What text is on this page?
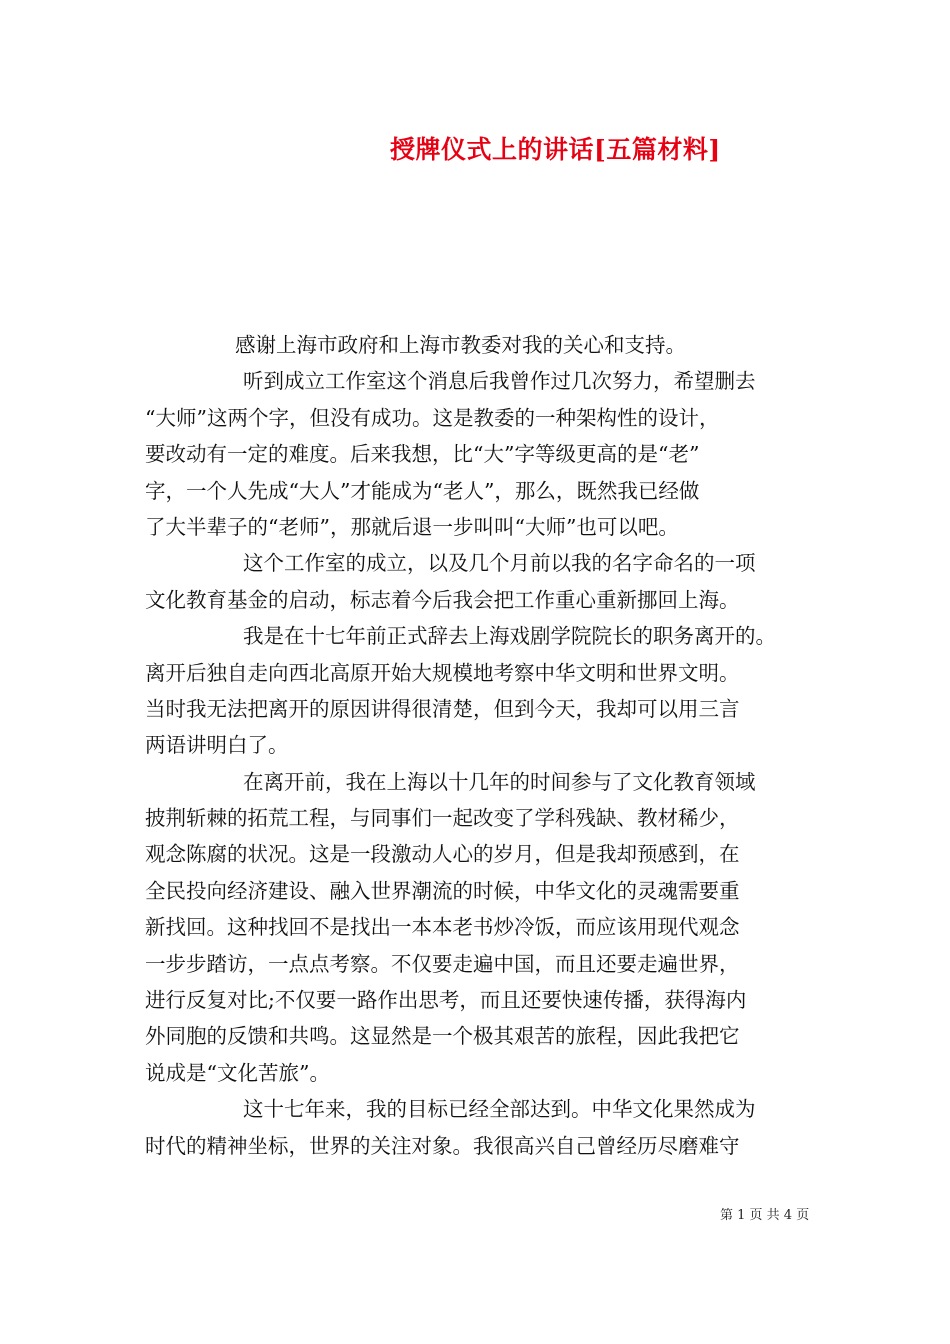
授牌仪式上的讲话[五篇材料]
感谢上海市政府和上海市教委对我的关心和支持。
听到成立工作室这个消息后我曾作过几次努力，希望删去
“大师”这两个字，但没有成功。这是教委的一种架构性的设计，
要改动有一定的难度。后来我想，比“大”字等级更高的是“老”
字，一个人先成“大人”才能成为“老人”，那么，既然我已经做
了大半辈子的“老师”，那就后退一步叫叫“大师”也可以吧。
这个工作室的成立，以及几个月前以我的名字命名的一项
文化教育基金的启动，标志着今后我会把工作重心重新挪回上海。
我是在十七年前正式辞去上海戏剧学院院长的职务离开的。
离开后独自走向西北高原开始大规模地考察中华文明和世界文明。
当时我无法把离开的原因讲得很清楚，但到今天，我却可以用三言
两语讲明白了。
在离开前，我在上海以十几年的时间参与了文化教育领域
披荆斩棘的拓荒工程，与同事们一起改变了学科残缺、教材稀少，
观念陈腐的状况。这是一段激动人心的岁月，但是我却预感到，在
全民投向经济建设、融入世界潮流的时候，中华文化的灵魂需要重
新找回。这种找回不是找出一本本老书炒冷饭，而应该用现代观念
一步步踏访，一点点考察。不仅要走遍中国，而且还要走遍世界，
进行反复对比;不仅要一路作出思考，而且还要快速传播，获得海内
外同胞的反馈和共鸣。这显然是一个极其艰苦的旅程，因此我把它
说成是“文化苦旅”。
这十七年来，我的目标已经全部达到。中华文化果然成为
时代的精神坐标，世界的关注对象。我很高兴自己曾经历尽磨难守
第 1 页 共 4 页
